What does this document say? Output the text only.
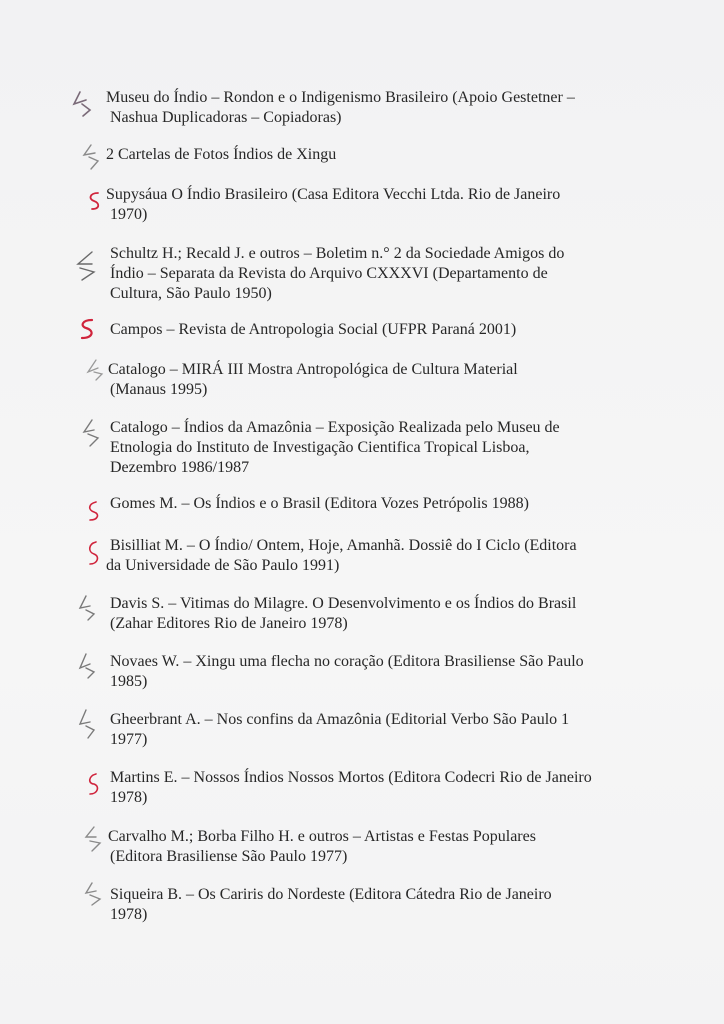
Museu do Índio – Rondon e o Indigenismo Brasileiro (Apoio Gestetner –
Nashua Duplicadoras – Copiadoras)
2 Cartelas de Fotos Índios de Xingu
Supysáua O Índio Brasileiro (Casa Editora Vecchi Ltda. Rio de Janeiro
1970)
Schultz H.; Recald J. e outros – Boletim n.° 2 da Sociedade Amigos do
Índio – Separata da Revista do Arquivo CXXXVI (Departamento de
Cultura, São Paulo 1950)
Campos – Revista de Antropologia Social (UFPR Paraná 2001)
Catalogo – MIRÁ III Mostra Antropológica de Cultura Material
(Manaus 1995)
Catalogo – Índios da Amazônia – Exposição Realizada pelo Museu de
Etnologia do Instituto de Investigação Cientifica Tropical Lisboa,
Dezembro 1986/1987
Gomes M. – Os Índios e o Brasil (Editora Vozes Petrópolis 1988)
Bisilliat M. – O Índio/ Ontem, Hoje, Amanhã. Dossiê do I Ciclo (Editora
da Universidade de São Paulo 1991)
Davis S. – Vitimas do Milagre. O Desenvolvimento e os Índios do Brasil
(Zahar Editores Rio de Janeiro 1978)
Novaes W. – Xingu uma flecha no coração (Editora Brasiliense São Paulo
1985)
Gheerbrant A. – Nos confins da Amazônia (Editorial Verbo São Paulo 1
1977)
Martins E. – Nossos Índios Nossos Mortos (Editora Codecri Rio de Janeiro
1978)
Carvalho M.; Borba Filho H. e outros – Artistas e Festas Populares
(Editora Brasiliense São Paulo 1977)
Siqueira B. – Os Cariris do Nordeste (Editora Cátedra Rio de Janeiro
1978)
